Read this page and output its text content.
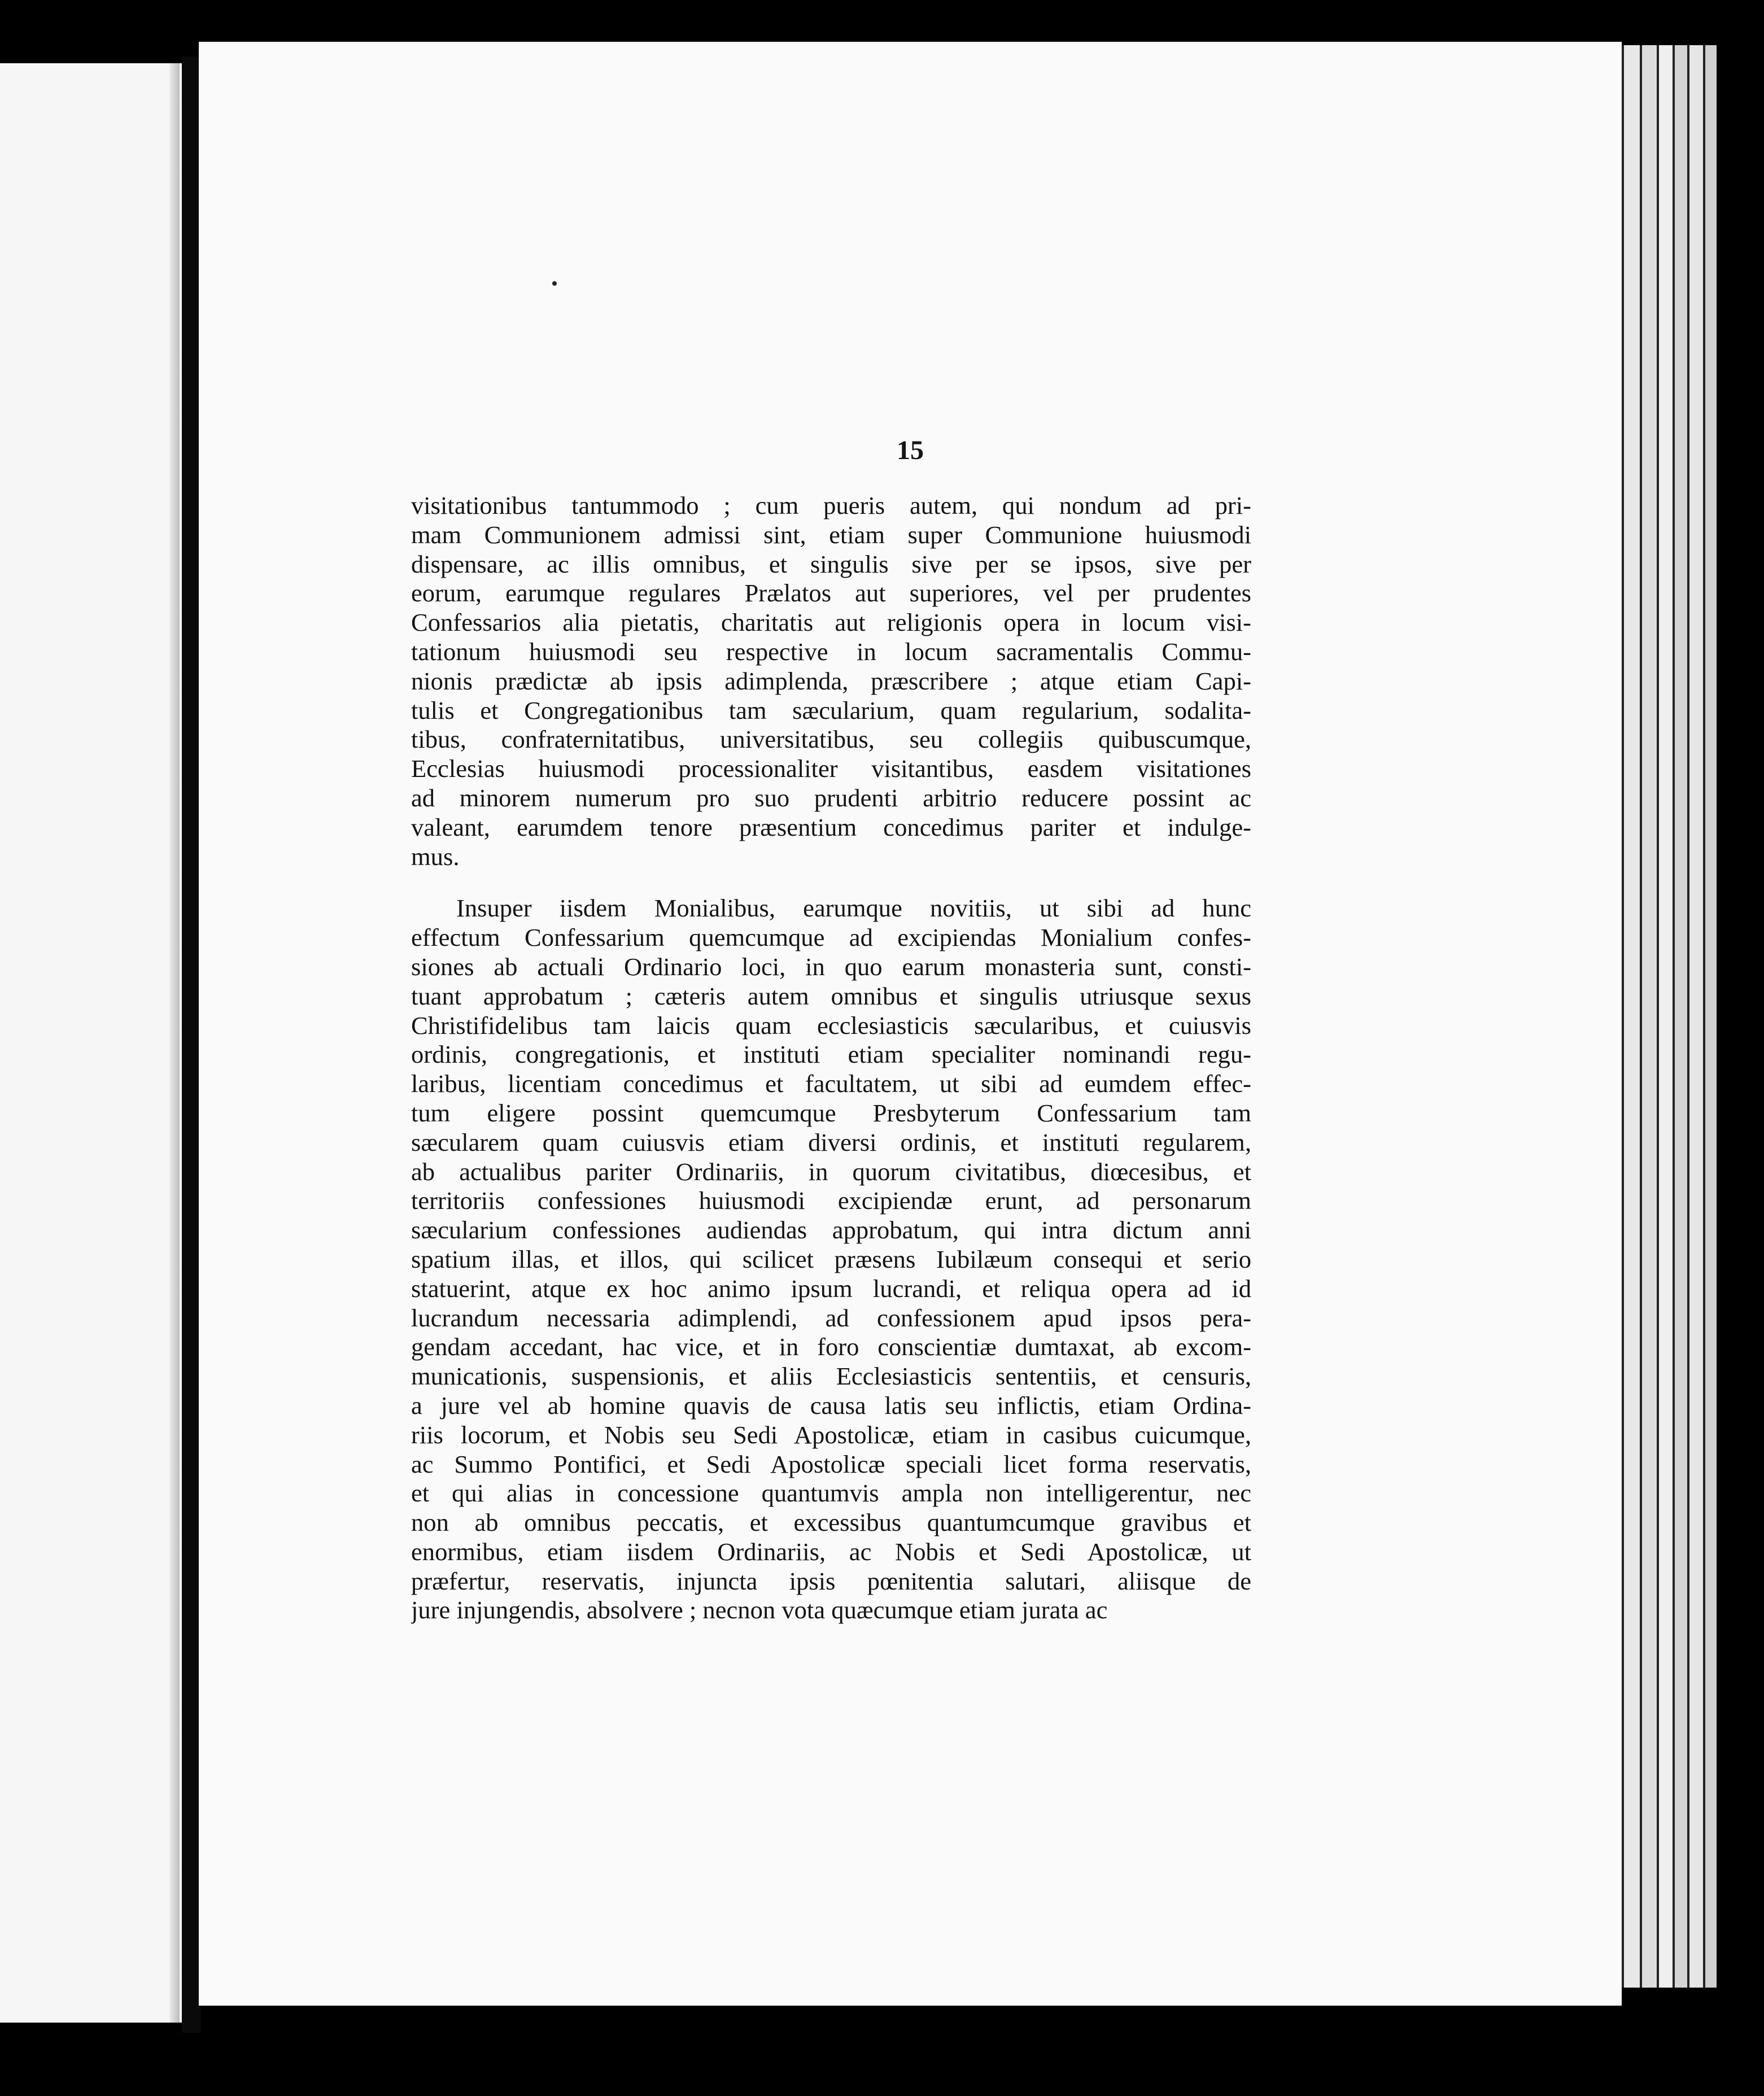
15
visitationibus tantummodo ; cum pueris autem, qui nondum ad pri-
mam Communionem admissi sint, etiam super Communione huiusmodi
dispensare, ac illis omnibus, et singulis sive per se ipsos, sive per
eorum, earumque regulares Prælatos aut superiores, vel per prudentes
Confessarios alia pietatis, charitatis aut religionis opera in locum visi-
tationum huiusmodi seu respective in locum sacramentalis Commu-
nionis prædictæ ab ipsis adimplenda, præscribere ; atque etiam Capi-
tulis et Congregationibus tam sæcularium, quam regularium, sodalita-
tibus, confraternitatibus, universitatibus, seu collegiis quibuscumque,
Ecclesias huiusmodi processionaliter visitantibus, easdem visitationes
ad minorem numerum pro suo prudenti arbitrio reducere possint ac
valeant, earumdem tenore præsentium concedimus pariter et indulge-
mus.
Insuper iisdem Monialibus, earumque novitiis, ut sibi ad hunc
effectum Confessarium quemcumque ad excipiendas Monialium confes-
siones ab actuali Ordinario loci, in quo earum monasteria sunt, consti-
tuant approbatum ; cæteris autem omnibus et singulis utriusque sexus
Christifidelibus tam laicis quam ecclesiasticis sæcularibus, et cuiusvis
ordinis, congregationis, et instituti etiam specialiter nominandi regu-
laribus, licentiam concedimus et facultatem, ut sibi ad eumdem effec-
tum eligere possint quemcumque Presbyterum Confessarium tam
sæcularem quam cuiusvis etiam diversi ordinis, et instituti regularem,
ab actualibus pariter Ordinariis, in quorum civitatibus, diœcesibus, et
territoriis confessiones huiusmodi excipiendæ erunt, ad personarum
sæcularium confessiones audiendas approbatum, qui intra dictum anni
spatium illas, et illos, qui scilicet præsens Iubilæum consequi et serio
statuerint, atque ex hoc animo ipsum lucrandi, et reliqua opera ad id
lucrandum necessaria adimplendi, ad confessionem apud ipsos pera-
gendam accedant, hac vice, et in foro conscientiæ dumtaxat, ab excom-
municationis, suspensionis, et aliis Ecclesiasticis sententiis, et censuris,
a jure vel ab homine quavis de causa latis seu inflictis, etiam Ordina-
riis locorum, et Nobis seu Sedi Apostolicæ, etiam in casibus cuicumque,
ac Summo Pontifici, et Sedi Apostolicæ speciali licet forma reservatis,
et qui alias in concessione quantumvis ampla non intelligerentur, nec
non ab omnibus peccatis, et excessibus quantumcumque gravibus et
enormibus, etiam iisdem Ordinariis, ac Nobis et Sedi Apostolicæ, ut
præfertur, reservatis, injuncta ipsis pœnitentia salutari, aliisque de
jure injungendis, absolvere ; necnon vota quæcumque etiam jurata ac
